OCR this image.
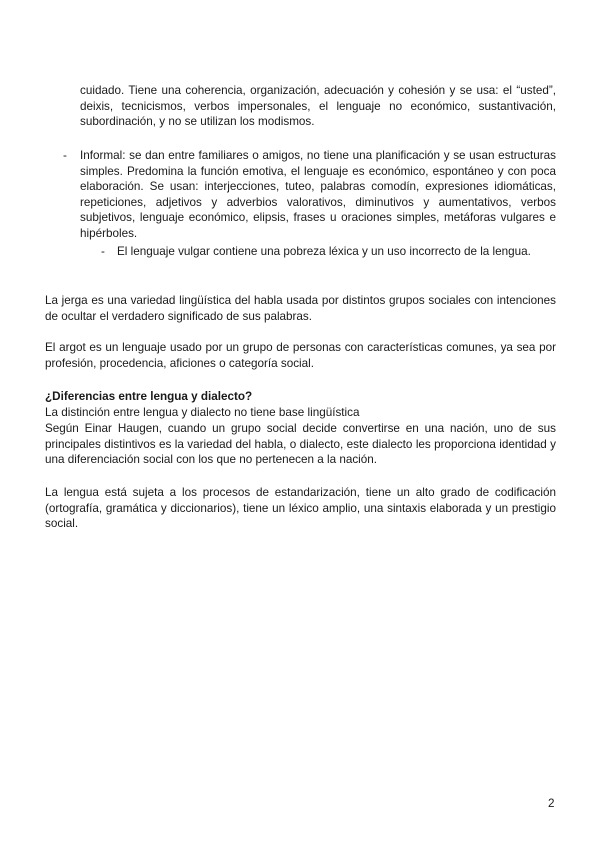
cuidado. Tiene una coherencia, organización, adecuación y cohesión y se usa: el “usted”, deixis, tecnicismos, verbos impersonales, el lenguaje no económico, sustantivación, subordinación, y no se utilizan los modismos.
- Informal: se dan entre familiares o amigos, no tiene una planificación y se usan estructuras simples. Predomina la función emotiva, el lenguaje es económico, espontáneo y con poca elaboración. Se usan: interjecciones, tuteo, palabras comodín, expresiones idiomáticas, repeticiones, adjetivos y adverbios valorativos, diminutivos y aumentativos, verbos subjetivos, lenguaje económico, elipsis, frases u oraciones simples, metáforas vulgares e hipérboles.
- El lenguaje vulgar contiene una pobreza léxica y un uso incorrecto de la lengua.
La jerga es una variedad lingüística del habla usada por distintos grupos sociales con intenciones de ocultar el verdadero significado de sus palabras.
El argot es un lenguaje usado por un grupo de personas con características comunes, ya sea por profesión, procedencia, aficiones o categoría social.
¿Diferencias entre lengua y dialecto?
La distinción entre lengua y dialecto no tiene base lingüística
Según Einar Haugen, cuando un grupo social decide convertirse en una nación, uno de sus principales distintivos es la variedad del habla, o dialecto, este dialecto les proporciona identidad y una diferenciación social con los que no pertenecen a la nación.
La lengua está sujeta a los procesos de estandarización, tiene un alto grado de codificación (ortografía, gramática y diccionarios), tiene un léxico amplio, una sintaxis elaborada y un prestigio social.
2
